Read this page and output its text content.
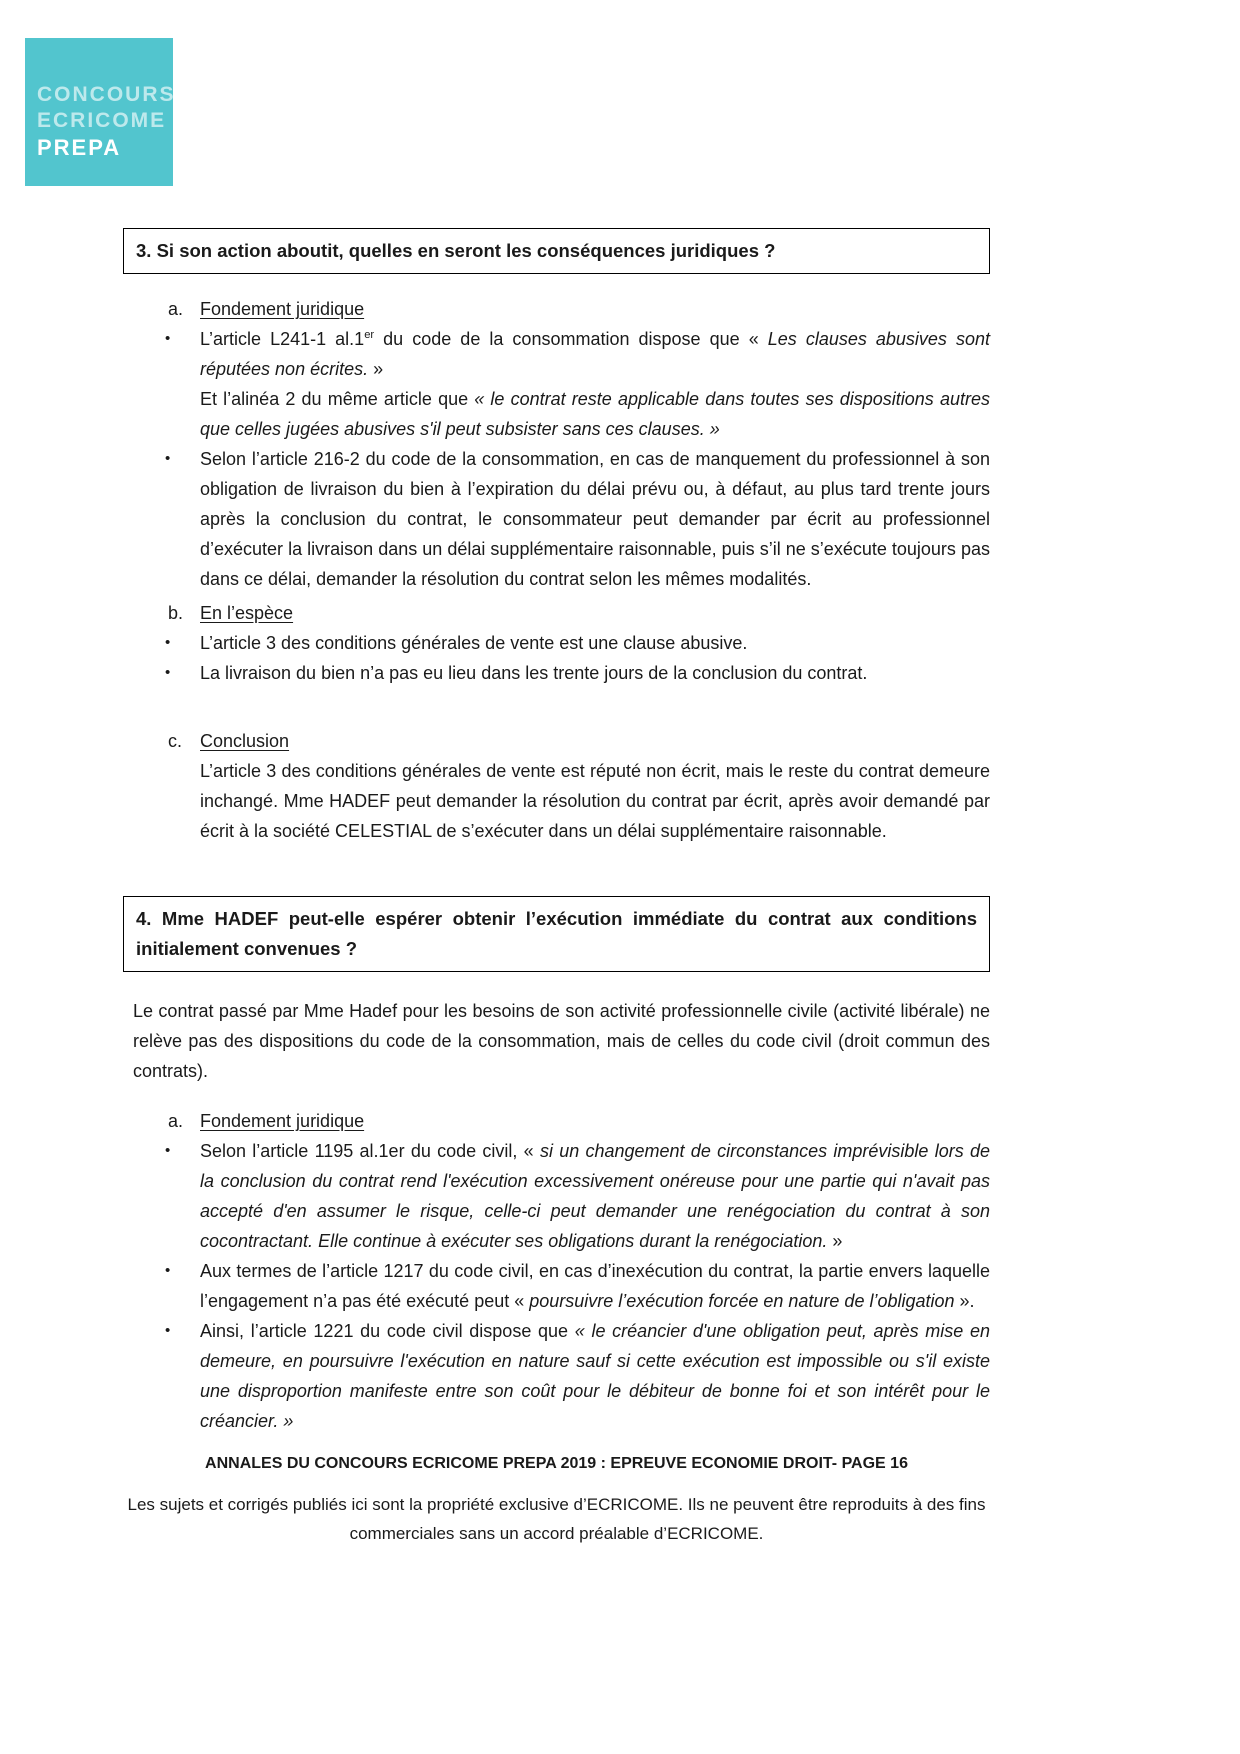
CONCOURS
ECRICOME
PREPA
3. Si son action aboutit, quelles en seront les conséquences juridiques ?
a. Fondement juridique
•	L’article L241-1 al.1er du code de la consommation dispose que « Les clauses abusives sont réputées non écrites. »

Et l’alinéa 2 du même article que « le contrat reste applicable dans toutes ses dispositions autres que celles jugées abusives s'il peut subsister sans ces clauses. »

•	Selon l’article 216-2 du code de la consommation, en cas de manquement du professionnel à son obligation de livraison du bien à l’expiration du délai prévu ou, à défaut, au plus tard trente jours après la conclusion du contrat, le consommateur peut demander par écrit au professionnel d’exécuter la livraison dans un délai supplémentaire raisonnable, puis s’il ne s’exécute toujours pas dans ce délai, demander la résolution du contrat selon les mêmes modalités.

b. En l’espèce
•	L’article 3 des conditions générales de vente est une clause abusive.

•	La livraison du bien n’a pas eu lieu dans les trente jours de la conclusion du contrat.

c. Conclusion

L’article 3 des conditions générales de vente est réputé non écrit, mais le reste du contrat demeure inchangé. Mme HADEF peut demander la résolution du contrat par écrit, après avoir demandé par écrit à la société CELESTIAL de s’exécuter dans un délai supplémentaire raisonnable.

4. Mme HADEF peut-elle espérer obtenir l’exécution immédiate du contrat aux conditions initialement convenues ?

Le contrat passé par Mme Hadef pour les besoins de son activité professionnelle civile (activité libérale) ne relève pas des dispositions du code de la consommation, mais de celles du code civil (droit commun des contrats).

a. Fondement juridique
•	Selon l’article 1195 al.1er du code civil, « si un changement de circonstances imprévisible lors de la conclusion du contrat rend l'exécution excessivement onéreuse pour une partie qui n'avait pas accepté d'en assumer le risque, celle-ci peut demander une renégociation du contrat à son cocontractant. Elle continue à exécuter ses obligations durant la renégociation. »

•	Aux termes de l’article 1217 du code civil, en cas d’inexécution du contrat, la partie envers laquelle l’engagement n’a pas été exécuté peut « poursuivre l’exécution forcée en nature de l’obligation ».

•	Ainsi, l’article 1221 du code civil dispose que « le créancier d'une obligation peut, après mise en demeure, en poursuivre l'exécution en nature sauf si cette exécution est impossible ou s'il existe une disproportion manifeste entre son coût pour le débiteur de bonne foi et son intérêt pour le créancier. »

ANNALES DU CONCOURS ECRICOME PREPA 2019 : EPREUVE ECONOMIE DROIT- PAGE 16
Les sujets et corrigés publiés ici sont la propriété exclusive d’ECRICOME. Ils ne peuvent être reproduits à des fins commerciales sans un accord préalable d’ECRICOME.
